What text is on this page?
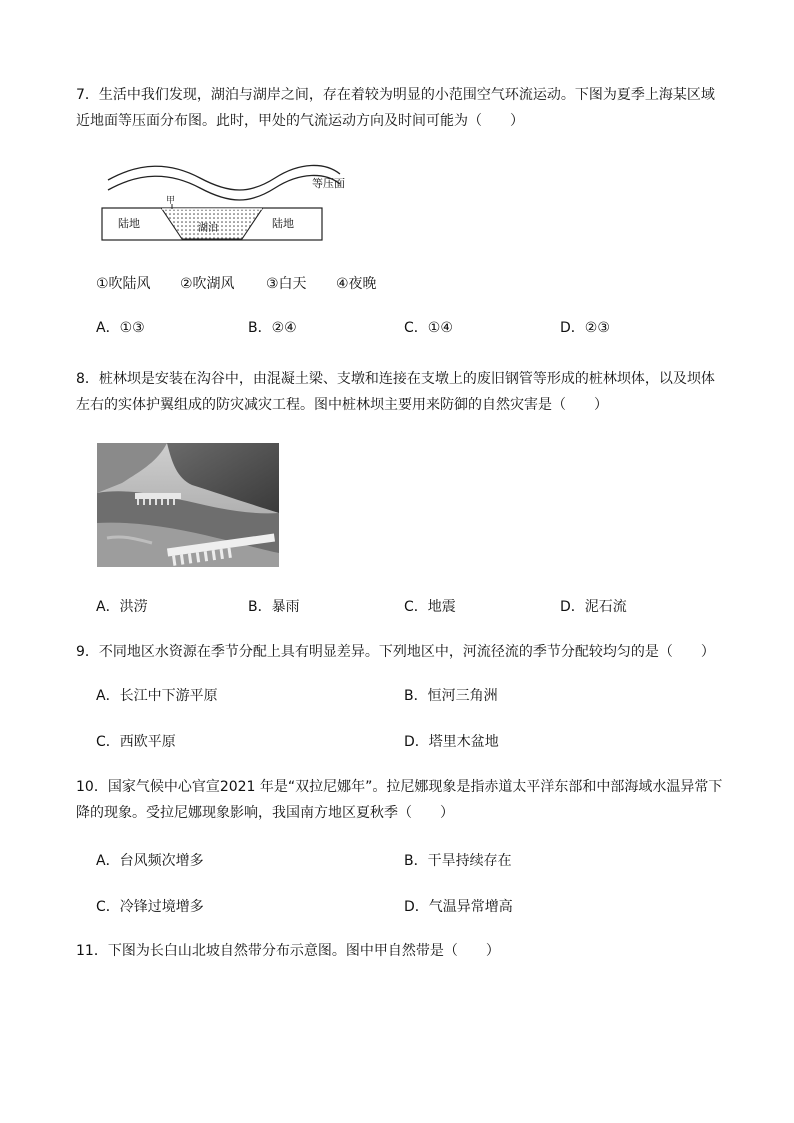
7．生活中我们发现，湖泊与湖岸之间，存在着较为明显的小范围空气环流运动。下图为夏季上海某区域近地面等压面分布图。此时，甲处的气流运动方向及时间可能为（　　）
甲
等压面
陆地	湖泊	陆地
①吹陆风 ②吹湖风 ③白天 ④夜晚
A．①③	B．②④	C．①④	D．②③
8．桩林坝是安装在沟谷中，由混凝土梁、支墩和连接在支墩上的废旧钢管等形成的桩林坝体，以及坝体左右的实体护翼组成的防灾减灾工程。图中桩林坝主要用来防御的自然灾害是（　　）
A．洪涝	B．暴雨	C．地震	D．泥石流
9．不同地区水资源在季节分配上具有明显差异。下列地区中，河流径流的季节分配较均匀的是（　　）
A．长江中下游平原	B．恒河三角洲
C．西欧平原	D．塔里木盆地
10．国家气候中心官宣2021 年是“双拉尼娜年”。拉尼娜现象是指赤道太平洋东部和中部海域水温异常下降的现象。受拉尼娜现象影响，我国南方地区夏秋季（　　）
A．台风频次增多	B．干旱持续存在
C．冷锋过境增多	D．气温异常增高
11．下图为长白山北坡自然带分布示意图。图中甲自然带是（　　）
